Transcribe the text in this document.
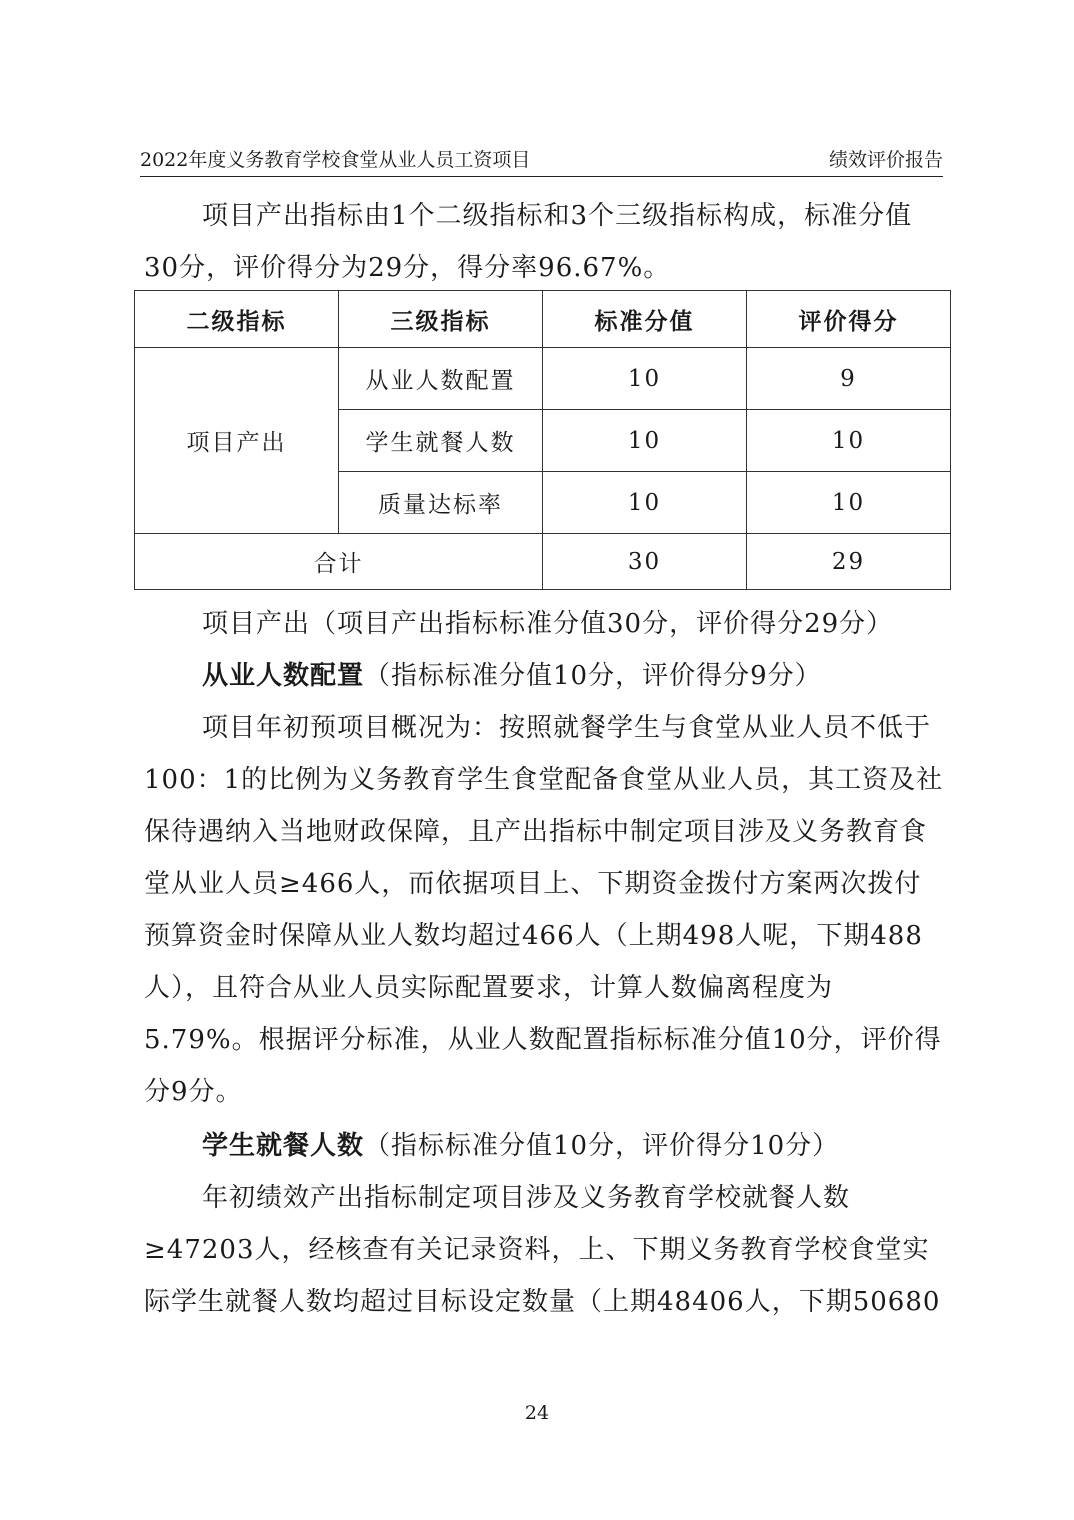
2022年度义务教育学校食堂从业人员工资项目	绩效评价报告

项目产出指标由1个二级指标和3个三级指标构成，标准分值30分，评价得分为29分，得分率96.67%。

二级指标	三级指标	标准分值	评价得分
项目产出	从业人数配置	10	9
	学生就餐人数	10	10
	质量达标率	10	10
合计		30	29

项目产出（项目产出指标标准分值30分，评价得分29分）

从业人数配置（指标标准分值10分，评价得分9分）

项目年初预项目概况为：按照就餐学生与食堂从业人员不低于100：1的比例为义务教育学生食堂配备食堂从业人员，其工资及社保待遇纳入当地财政保障，且产出指标中制定项目涉及义务教育食堂从业人员≥466人，而依据项目上、下期资金拨付方案两次拨付预算资金时保障从业人数均超过466人（上期498人呢，下期488人），且符合从业人员实际配置要求，计算人数偏离程度为5.79%。根据评分标准，从业人数配置指标标准分值10分，评价得分9分。

学生就餐人数（指标标准分值10分，评价得分10分）

年初绩效产出指标制定项目涉及义务教育学校就餐人数≥47203人，经核查有关记录资料，上、下期义务教育学校食堂实际学生就餐人数均超过目标设定数量（上期48406人，下期50680

24
